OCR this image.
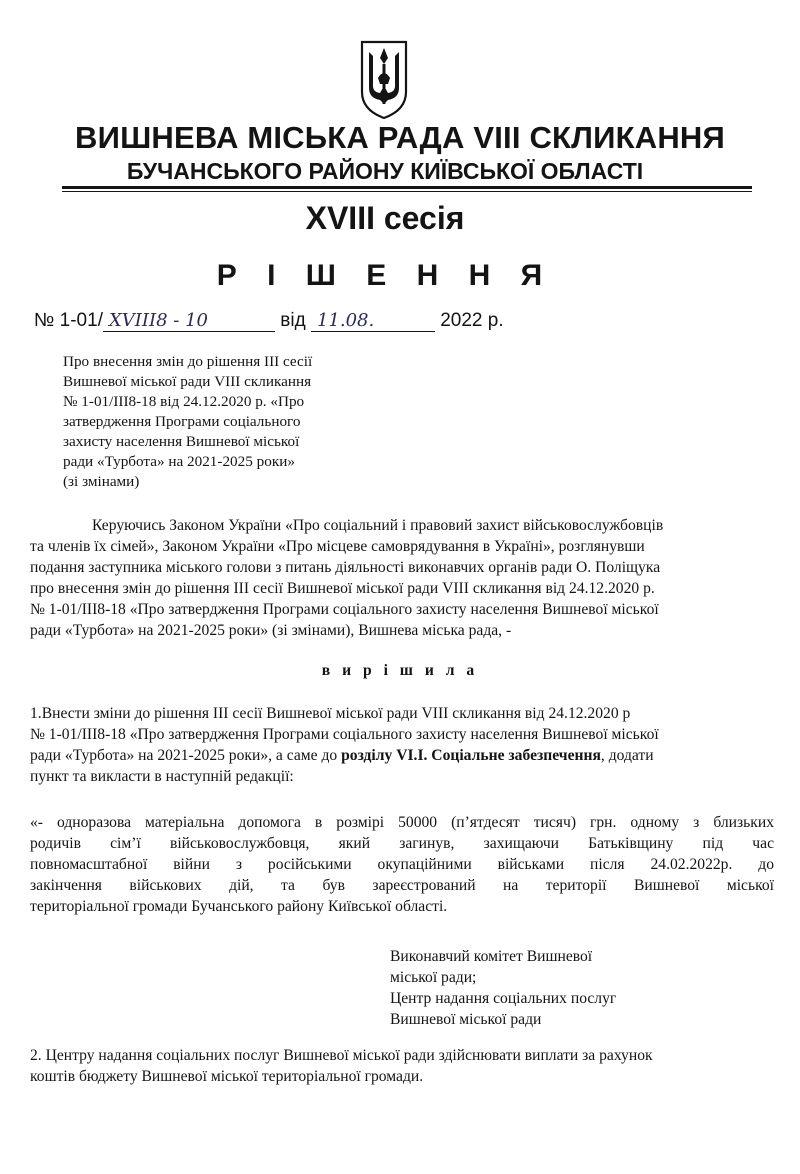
ВИШНЕВА МІСЬКА РАДА VIII СКЛИКАННЯ
БУЧАНСЬКОГО РАЙОНУ КИЇВСЬКОЇ ОБЛАСТІ
XVIII сесія
Р І Ш Е Н Н Я
№ 1-01/ XVIII8 - 10	від 11.08.	2022 р.

Про внесення змін до рішення ІІІ сесії
Вишневої міської ради VIII скликання
№ 1-01/ІІІ8-18 від 24.12.2020 р. «Про
затвердження Програми соціального
захисту населення Вишневої міської
ради «Турбота» на 2021-2025 роки»
(зі змінами)

Керуючись Законом України «Про соціальний і правовий захист військовослужбовців
та членів їх сімей», Законом України «Про місцеве самоврядування в Україні», розглянувши
подання заступника міського голови з питань діяльності виконавчих органів ради О. Поліщука
про внесення змін до рішення ІІІ сесії Вишневої міської ради VIII скликання від 24.12.2020 р.
№ 1-01/ІІІ8-18 «Про затвердження Програми соціального захисту населення Вишневої міської
ради «Турбота» на 2021-2025 роки» (зі змінами), Вишнева міська рада, -

в и р і ш и л а

1.Внести зміни до рішення ІІІ сесії Вишневої міської ради VIII скликання від 24.12.2020 р
№ 1-01/ІІІ8-18 «Про затвердження Програми соціального захисту населення Вишневої міської
ради «Турбота» на 2021-2025 роки», а саме до розділу VI.I. Соціальне забезпечення, додати
пункт та викласти в наступній редакції:

«- одноразова матеріальна допомога в розмірі 50000 (п’ятдесят тисяч) грн. одному з близьких
родичів сім’ї військовослужбовця, який загинув, захищаючи Батьківщину під час
повномасштабної війни з російськими окупаційними військами після 24.02.2022р. до
закінчення військових дій, та був зареєстрований на території Вишневої міської
територіальної громади Бучанського району Київської області.

Виконавчий комітет Вишневої
міської ради;
Центр надання соціальних послуг
Вишневої міської ради

2. Центру надання соціальних послуг Вишневої міської ради здійснювати виплати за рахунок
коштів бюджету Вишневої міської територіальної громади.
